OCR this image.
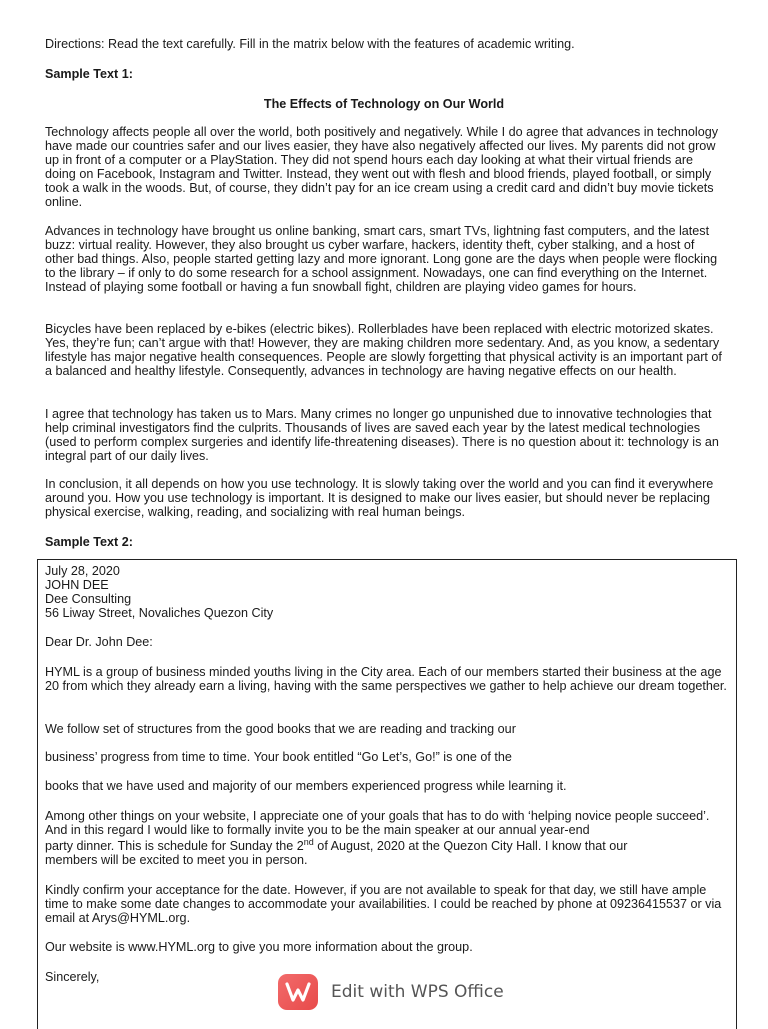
Directions: Read the text carefully. Fill in the matrix below with the features of academic writing.

Sample Text 1:

The Effects of Technology on Our World

Technology affects people all over the world, both positively and negatively. While I do agree that advances in technology have made our countries safer and our lives easier, they have also negatively affected our lives. My parents did not grow up in front of a computer or a PlayStation. They did not spend hours each day looking at what their virtual friends are doing on Facebook, Instagram and Twitter. Instead, they went out with flesh and blood friends, played football, or simply took a walk in the woods. But, of course, they didn’t pay for an ice cream using a credit card and didn’t buy movie tickets online.

Advances in technology have brought us online banking, smart cars, smart TVs, lightning fast computers, and the latest buzz: virtual reality. However, they also brought us cyber warfare, hackers, identity theft, cyber stalking, and a host of other bad things. Also, people started getting lazy and more ignorant. Long gone are the days when people were flocking to the library – if only to do some research for a school assignment. Nowadays, one can find everything on the Internet. Instead of playing some football or having a fun snowball fight, children are playing video games for hours.

Bicycles have been replaced by e-bikes (electric bikes). Rollerblades have been replaced with electric motorized skates. Yes, they’re fun; can’t argue with that! However, they are making children more sedentary. And, as you know, a sedentary lifestyle has major negative health consequences. People are slowly forgetting that physical activity is an important part of a balanced and healthy lifestyle. Consequently, advances in technology are having negative effects on our health.

I agree that technology has taken us to Mars. Many crimes no longer go unpunished due to innovative technologies that help criminal investigators find the culprits. Thousands of lives are saved each year by the latest medical technologies (used to perform complex surgeries and identify life-threatening diseases). There is no question about it: technology is an integral part of our daily lives.

In conclusion, it all depends on how you use technology. It is slowly taking over the world and you can find it everywhere around you. How you use technology is important. It is designed to make our lives easier, but should never be replacing physical exercise, walking, reading, and socializing with real human beings.

Sample Text 2:

July 28, 2020

JOHN DEE

Dee Consulting

56 Liway Street, Novaliches Quezon City

Dear Dr. John Dee:

HYML is a group of business minded youths living in the City area. Each of our members started their business at the age 20 from which they already earn a living, having with the same perspectives we gather to help achieve our dream together.

We follow set of structures from the good books that we are reading and tracking our

business’ progress from time to time. Your book entitled “Go Let’s, Go!” is one of the

books that we have used and majority of our members experienced progress while learning it.

Among other things on your website, I appreciate one of your goals that has to do with ‘helping novice people succeed’. And in this regard I would like to formally invite you to be the main speaker at our annual year-end

party dinner. This is schedule for Sunday the 2nd of August, 2020 at the Quezon City Hall. I know that our

members will be excited to meet you in person.

Kindly confirm your acceptance for the date. However, if you are not available to speak for that day, we still have ample time to make some date changes to accommodate your availabilities. I could be reached by phone at 09236415537 or via email at Arys@HYML.org.

Our website is www.HYML.org to give you more information about the group.

Sincerely,

Edit with WPS Office
